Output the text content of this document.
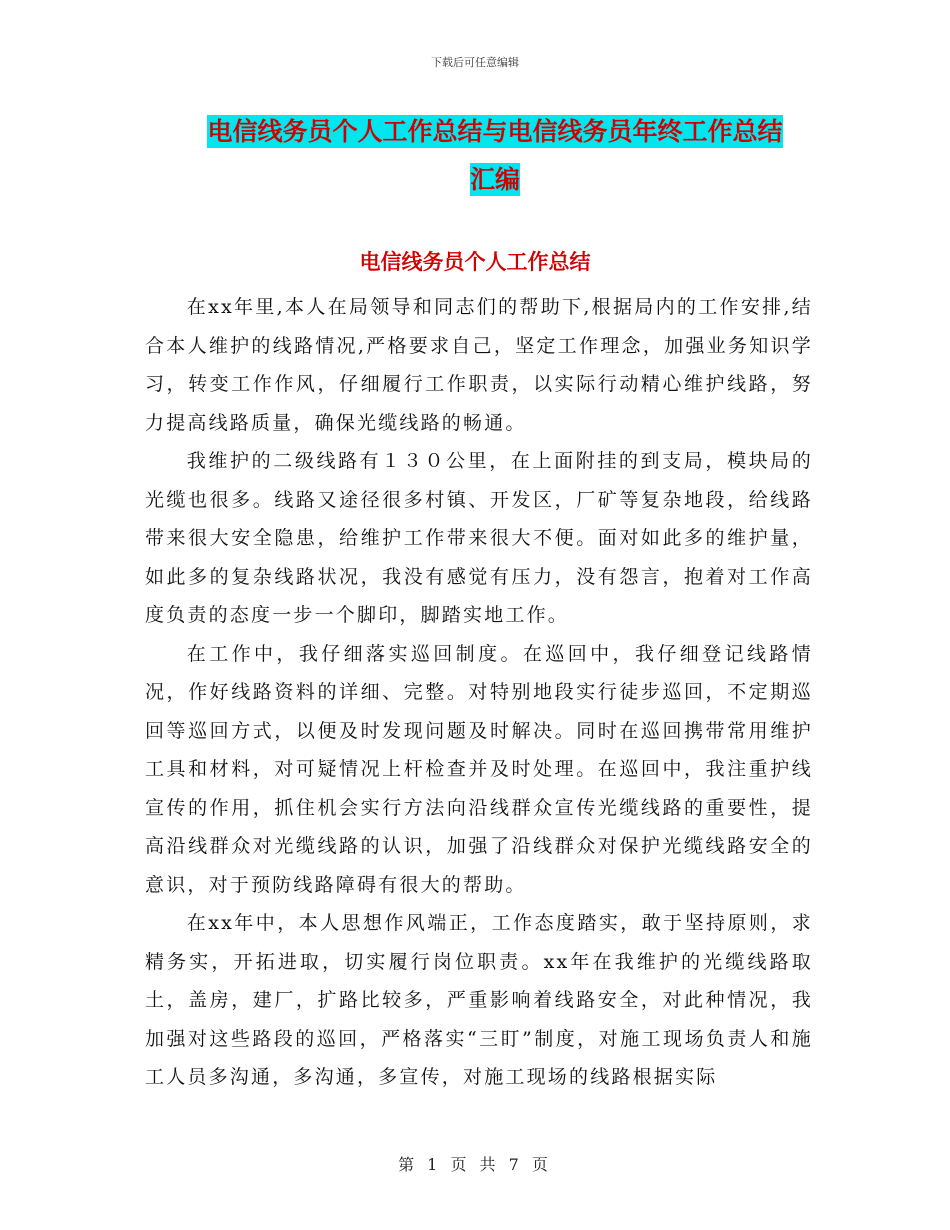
下载后可任意编辑
电信线务员个人工作总结与电信线务员年终工作总结
汇编
电信线务员个人工作总结

在xx年里,本人在局领导和同志们的帮助下,根据局内的工作安排,结合本人维护的线路情况,严格要求自己，坚定工作理念，加强业务知识学习，转变工作作风，仔细履行工作职责，以实际行动精心维护线路，努力提高线路质量，确保光缆线路的畅通。

我维护的二级线路有１３０公里，在上面附挂的到支局，模块局的光缆也很多。线路又途径很多村镇、开发区，厂矿等复杂地段，给线路带来很大安全隐患，给维护工作带来很大不便。面对如此多的维护量，如此多的复杂线路状况，我没有感觉有压力，没有怨言，抱着对工作高度负责的态度一步一个脚印，脚踏实地工作。

在工作中，我仔细落实巡回制度。在巡回中，我仔细登记线路情况，作好线路资料的详细、完整。对特别地段实行徒步巡回，不定期巡回等巡回方式，以便及时发现问题及时解决。同时在巡回携带常用维护工具和材料，对可疑情况上杆检查并及时处理。在巡回中，我注重护线宣传的作用，抓住机会实行方法向沿线群众宣传光缆线路的重要性，提高沿线群众对光缆线路的认识，加强了沿线群众对保护光缆线路安全的意识，对于预防线路障碍有很大的帮助。

在xx年中，本人思想作风端正，工作态度踏实，敢于坚持原则，求精务实，开拓进取，切实履行岗位职责。xx年在我维护的光缆线路取土，盖房，建厂，扩路比较多，严重影响着线路安全，对此种情况，我加强对这些路段的巡回，严格落实“三盯”制度，对施工现场负责人和施工人员多沟通，多沟通，多宣传，对施工现场的线路根据实际

第 1 页 共 7 页
